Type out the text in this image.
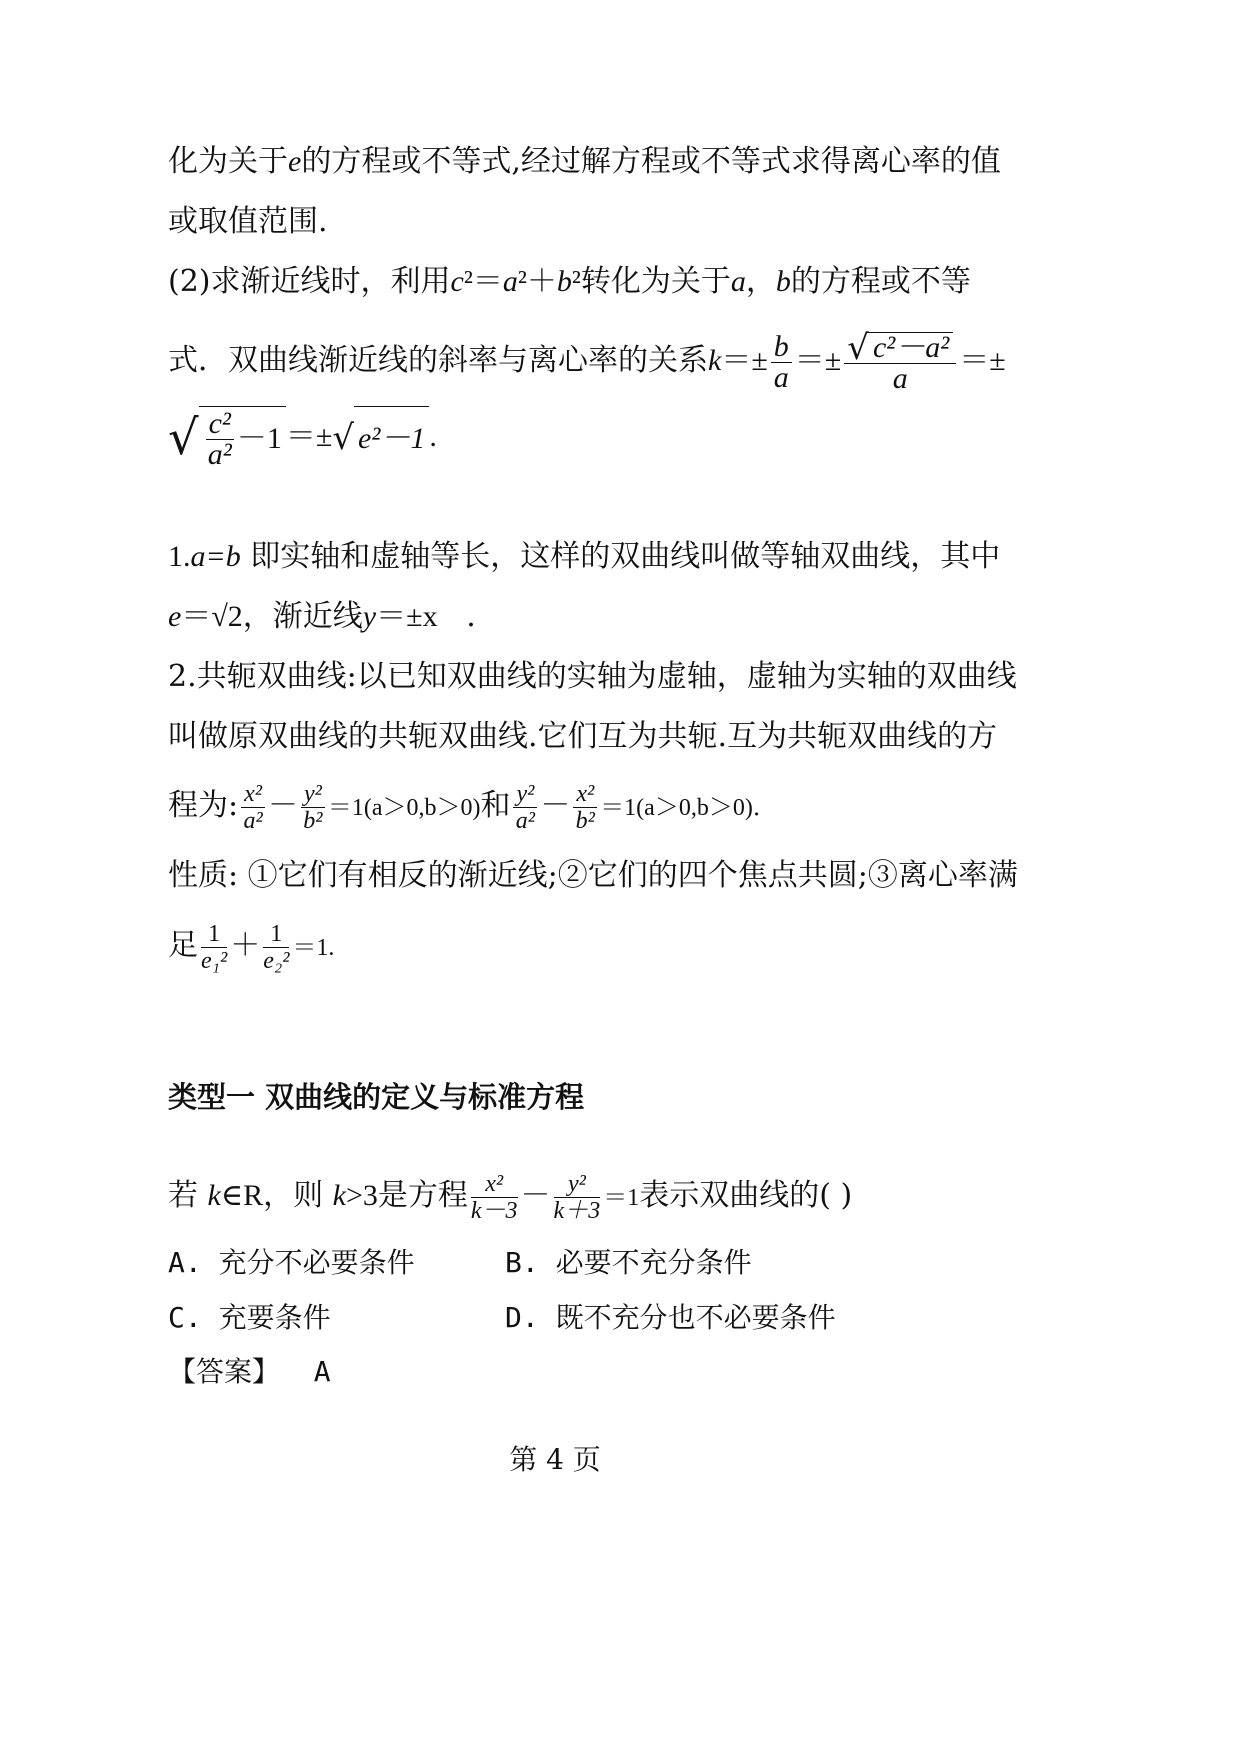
化为关于e的方程或不等式,经过解方程或不等式求得离心率的值
或取值范围.
(2)求渐近线时，利用c²＝a²＋b²转化为关于a，b的方程或不等
式．双曲线渐近线的斜率与离心率的关系$k=\pm \frac{b}{a} =\pm \frac{\text{√ c²－a²}}{a}$ ＝±
√ $\frac{\text{c²}}{\text{a²}} -1$ ＝±√ e²－1 .
1.a=b 即实轴和虚轴等长，这样的双曲线叫做等轴双曲线，其中
e＝√2，渐近线y＝±x .
2.共轭双曲线:以已知双曲线的实轴为虚轴，虚轴为实轴的双曲线
叫做原双曲线的共轭双曲线.它们互为共轭.互为共轭双曲线的方
程为: $\frac{\text{x²}}{\text{a²}} - \frac{\text{y²}}{\text{b²}} =1(a>0,b>0)$和 $\frac{\text{y²}}{\text{a²}} - \frac{\text{x²}}{\text{b²}} =1(a>0,b>0)$．
性质: ①它们有相反的渐近线;②它们的四个焦点共圆;③离心率满
足 $\frac{1}{\text{e₁²}} + \frac{1}{\text{e₂²}} =1$.
类型一 双曲线的定义与标准方程
若 k∈R，则 k>3是方程 $\frac{\text{x²}}{k-3} - \frac{\text{y²}}{k+3} =1$表示双曲线的( )
A. 充分不必要条件	B. 必要不充分条件
C. 充要条件	D. 既不充分也不必要条件
【答案】 A
第 4 页
